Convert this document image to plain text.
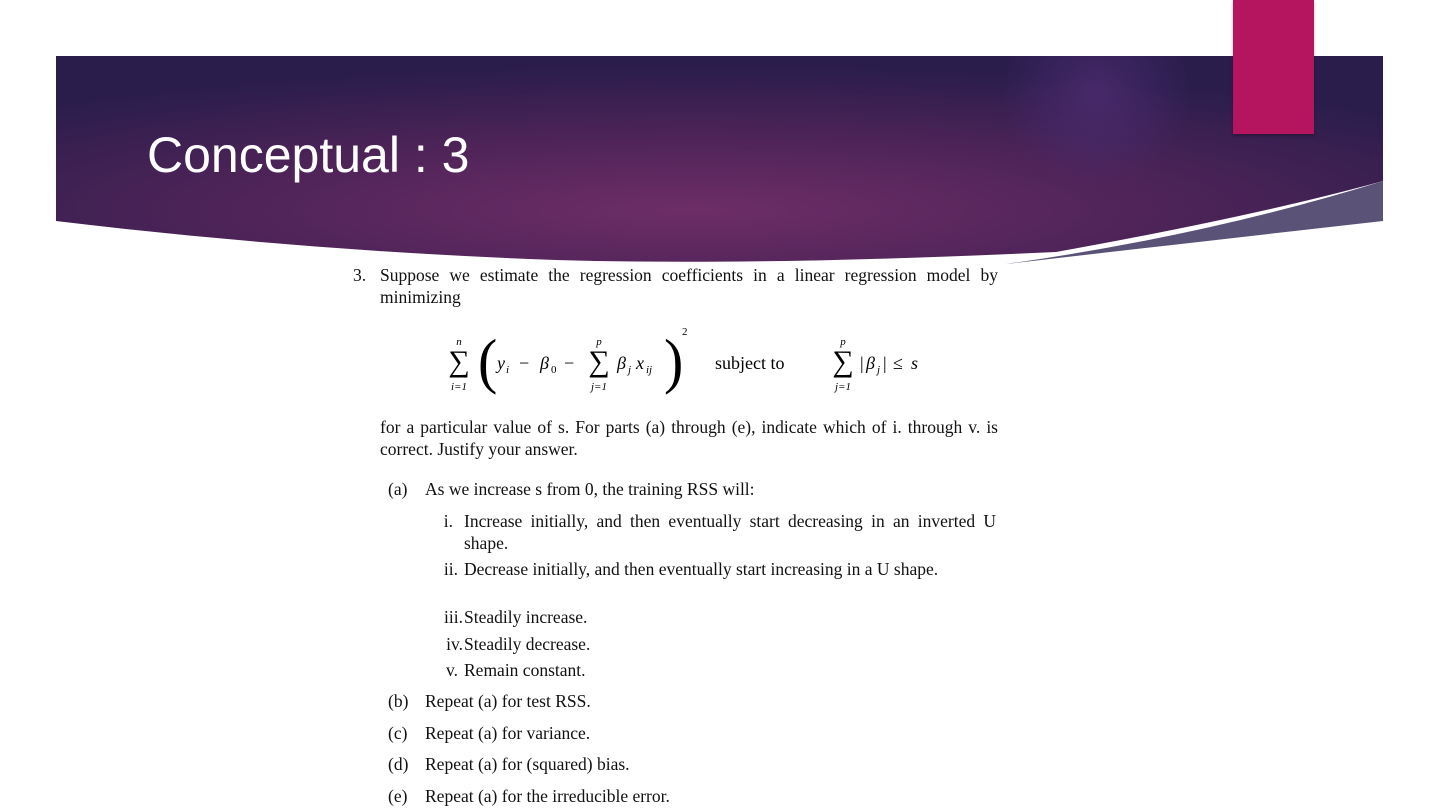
Conceptual : 3
3. Suppose we estimate the regression coefficients in a linear regression model by minimizing
n
∑
i=1 ( y i − β 0 −
p
∑
j=1
β j x ij )
2
subject to
p
∑
j=1
| β j | ≤ s
for a particular value of s. For parts (a) through (e), indicate which of i. through v. is correct. Justify your answer.
(a) As we increase s from 0, the training RSS will:
i. Increase initially, and then eventually start decreasing in an inverted U shape.
ii. Decrease initially, and then eventually start increasing in a U shape.
iii. Steadily increase.
iv. Steadily decrease.
v. Remain constant.
(b) Repeat (a) for test RSS.
(c) Repeat (a) for variance.
(d) Repeat (a) for (squared) bias.
(e) Repeat (a) for the irreducible error.
